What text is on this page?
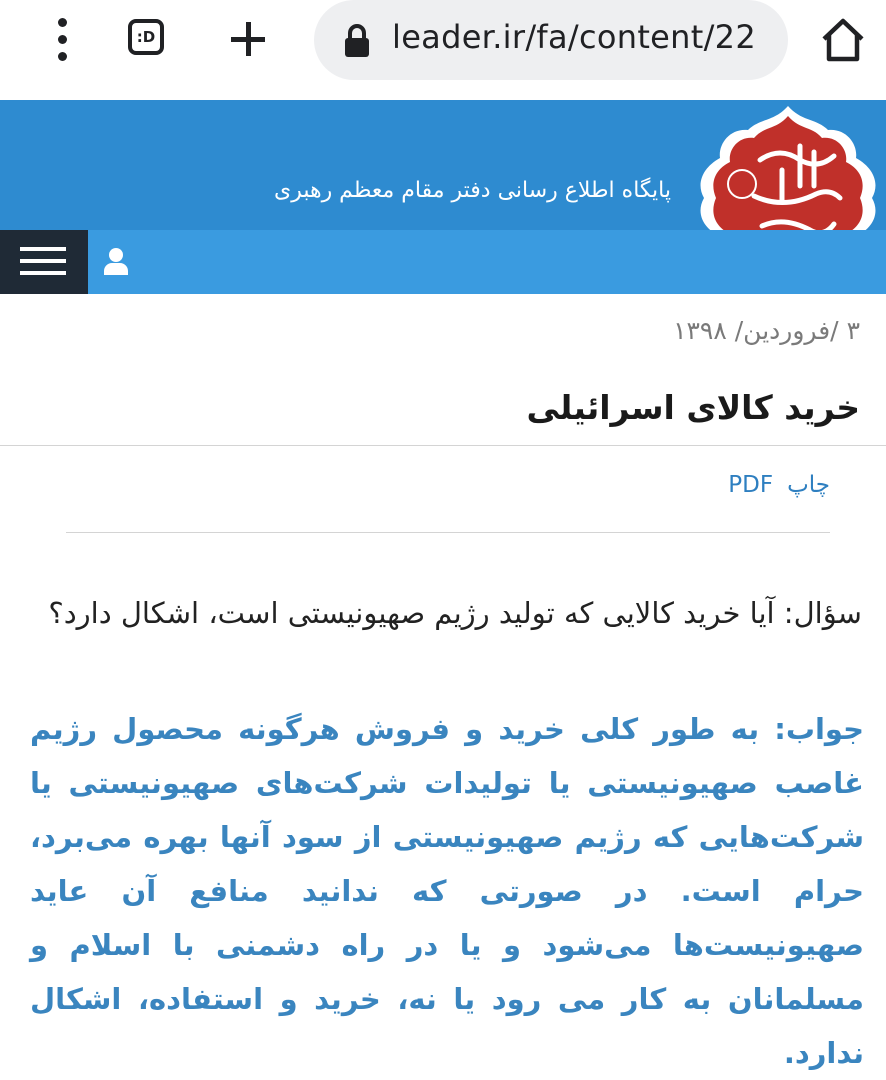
:D	leader.ir/fa/content/22
پایگاه اطلاع رسانی دفتر مقام معظم رهبری
۳ /فروردین/ ۱۳۹۸
خرید کالای اسرائیلی
چاپPDF
سؤال: آیا خرید کالایی که تولید رژیم صهیونیستی است، اشکال دارد؟
جواب: به طور کلی خرید و فروش هرگونه محصول رژیم غاصب صهیونیستی یا تولیدات شرکت‌های صهیونیستی یا شرکت‌هایی که رژیم صهیونیستی از سود آنها بهره می‌برد، حرام است. در صورتی که ندانید منافع آن عاید صهیونیست‌ها می‌شود و یا در راه دشمنی با اسلام و مسلمانان به کار می رود یا نه، خرید و استفاده، اشکال ندارد.
